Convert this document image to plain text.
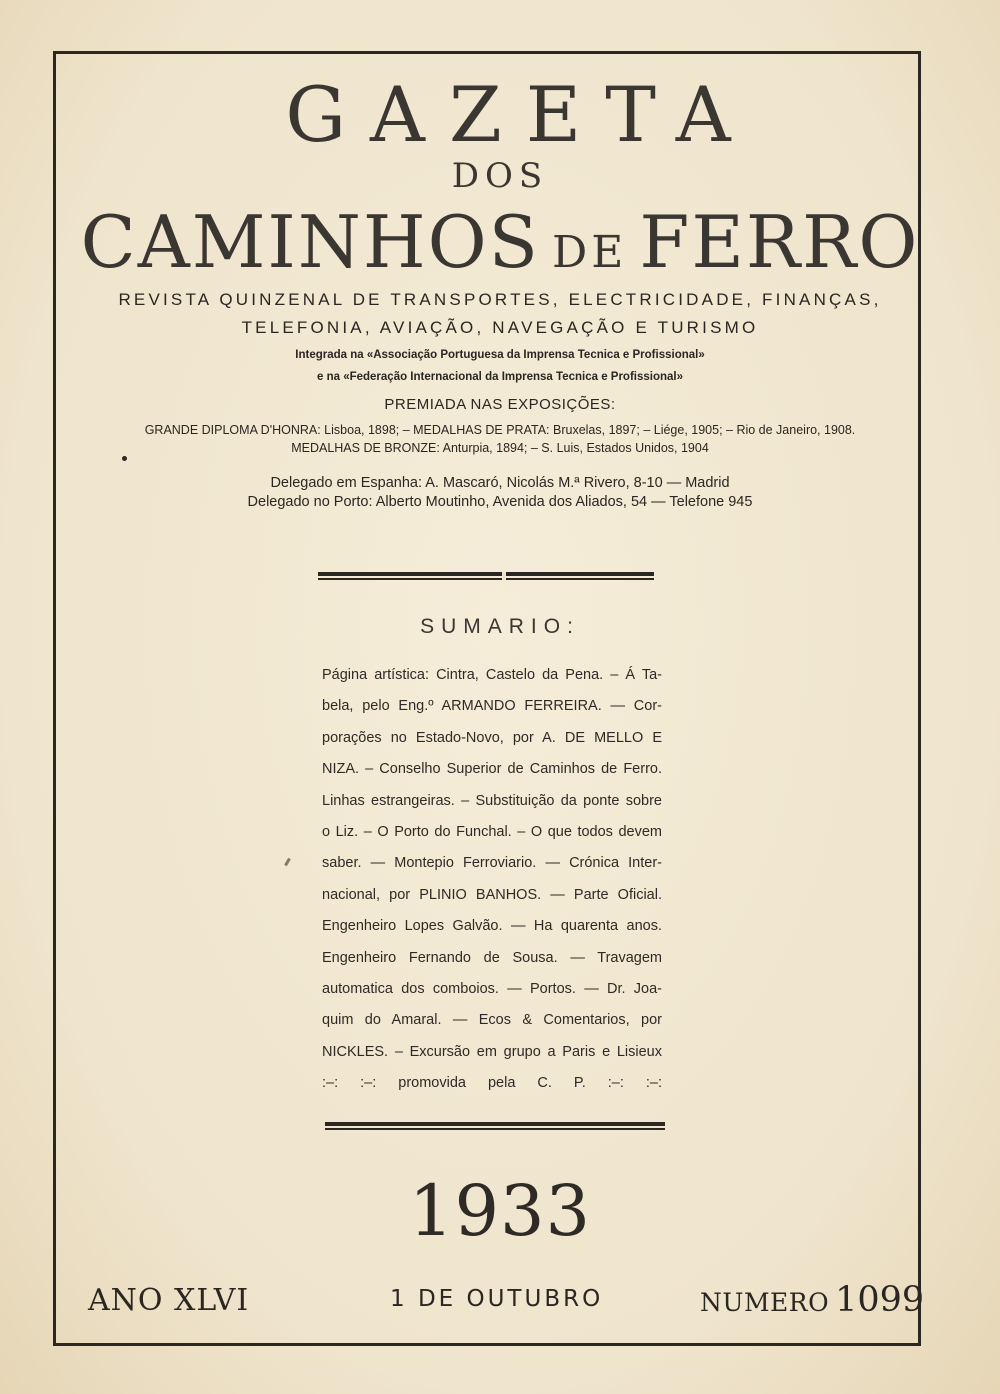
GAZETA
DOS
CAMINHOS DE FERRO
REVISTA QUINZENAL DE TRANSPORTES, ELECTRICIDADE, FINANÇAS,
TELEFONIA, AVIAÇÃO, NAVEGAÇÃO E TURISMO
Integrada na «Associação Portuguesa da Imprensa Tecnica e Profissional»
e na «Federação Internacional da Imprensa Tecnica e Profissional»
PREMIADA NAS EXPOSIÇÕES:
GRANDE DIPLOMA D'HONRA: Lisboa, 1898; – MEDALHAS DE PRATA: Bruxelas, 1897; – Liége, 1905; – Rio de Janeiro, 1908.
MEDALHAS DE BRONZE: Anturpia, 1894; – S. Luis, Estados Unidos, 1904
Delegado em Espanha: A. Mascaró, Nicolás M.ª Rivero, 8-10 — Madrid
Delegado no Porto: Alberto Moutinho, Avenida dos Aliados, 54 — Telefone 945
SUMARIO:
Página artística: Cintra, Castelo da Pena. – Á Ta-
bela, pelo Eng.º ARMANDO FERREIRA. — Cor-
porações no Estado-Novo, por A. DE MELLO E
NIZA. – Conselho Superior de Caminhos de Ferro.
Linhas estrangeiras. – Substituição da ponte sobre
o Liz. – O Porto do Funchal. – O que todos devem
saber. — Montepio Ferroviario. — Crónica Inter-
nacional, por PLINIO BANHOS. — Parte Oficial.
Engenheiro Lopes Galvão. — Ha quarenta anos.
Engenheiro Fernando de Sousa. — Travagem
automatica dos comboios. — Portos. — Dr. Joa-
quim do Amaral. — Ecos & Comentarios, por
NICKLES. – Excursão em grupo a Paris e Lisieux
:–: :–: promovida pela C. P. :–: :–:
1933
ANO XLVI	1 DE OUTUBRO	NUMERO 1099
